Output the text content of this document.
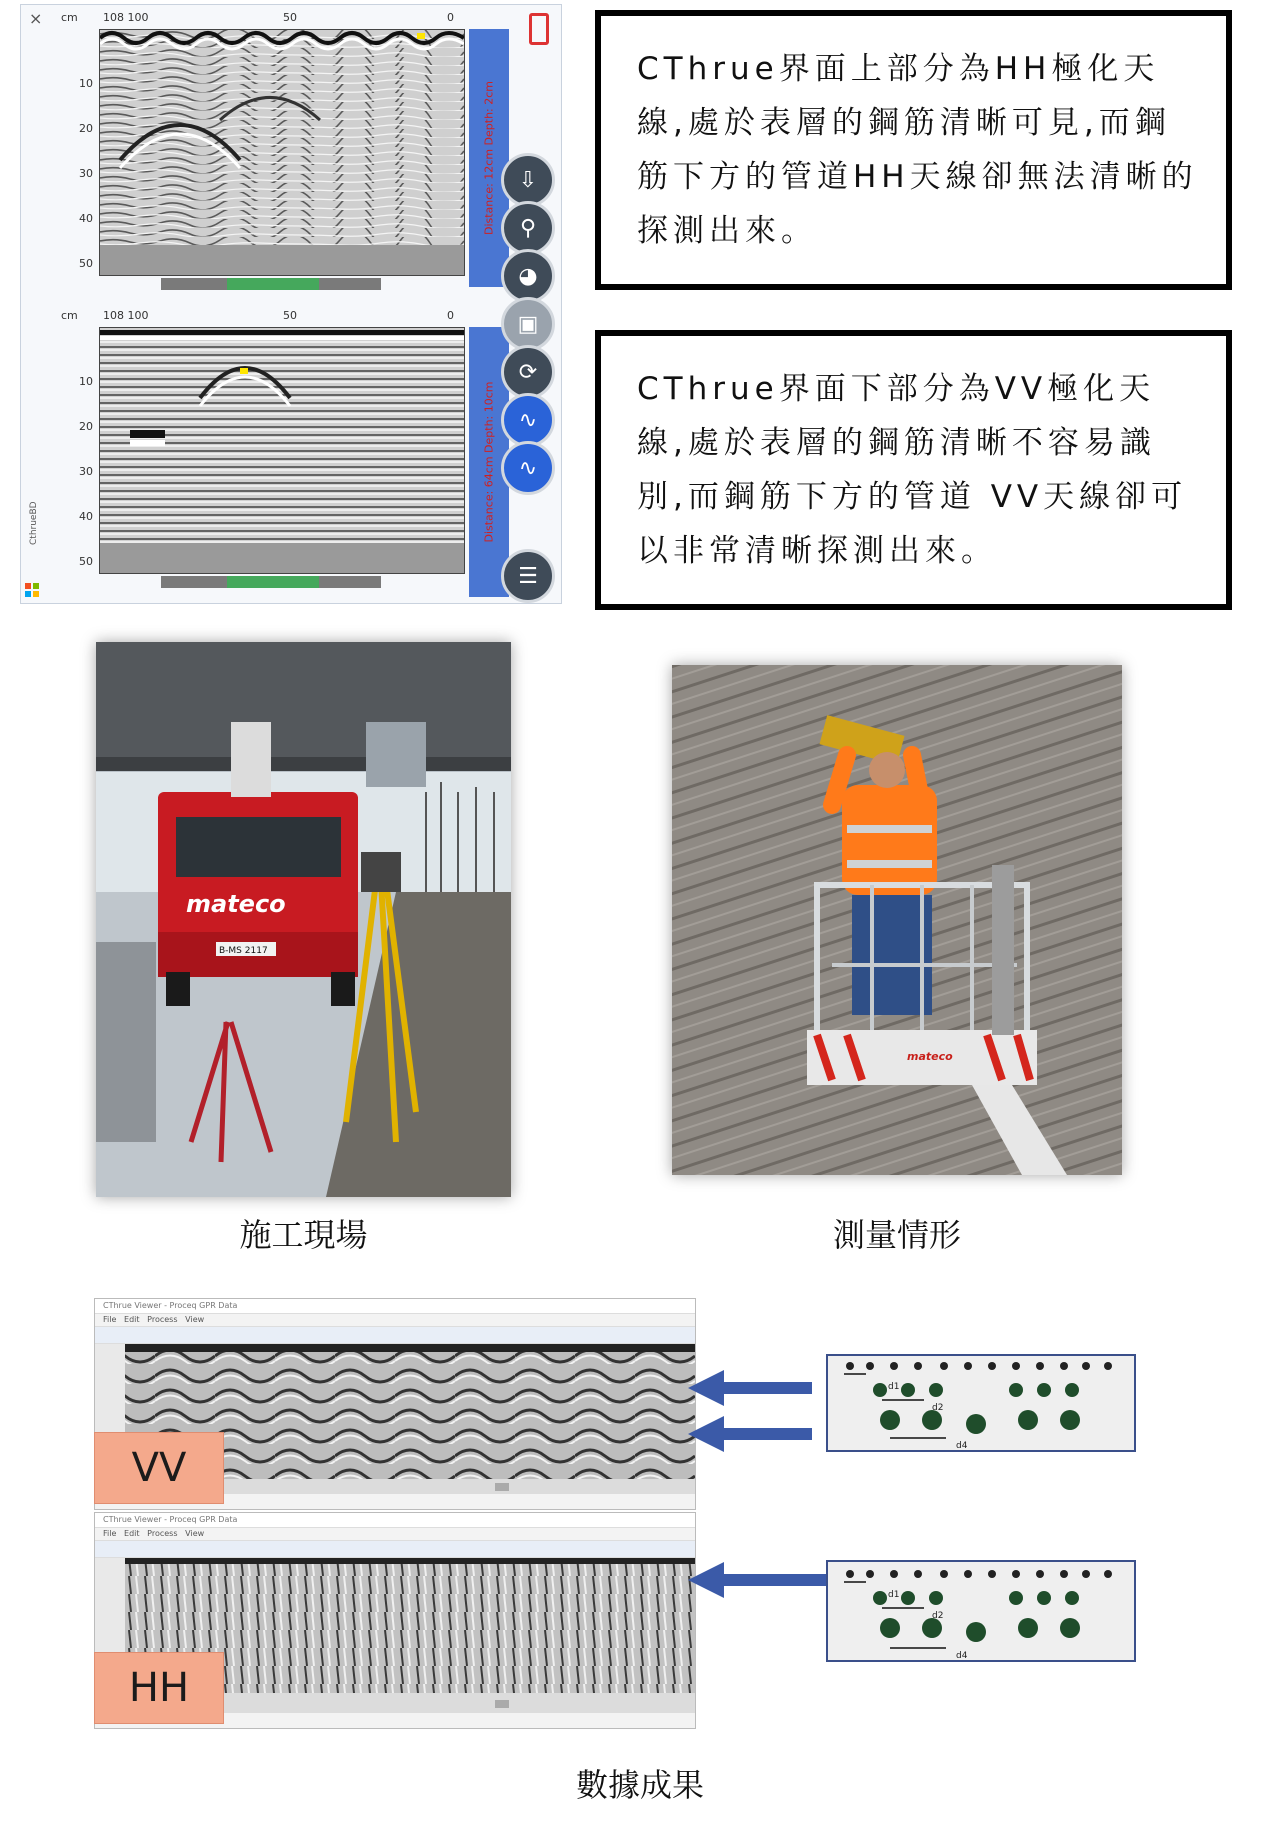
× cm 108 100	50	0
10
20
30
40
50
Distance: 12cm Depth: 2cm
cm 108 100	50	0
10
20
30
40
50
Distance: 64cm Depth: 10cm
⇩
⚲
◕
▣
⟳
∿
∿
☰
CthrueBD
CThrue界面上部分為HH極化天線,處於表層的鋼筋清晰可見,而鋼筋下方的管道HH天線卻無法清晰的探測出來。
CThrue界面下部分為VV極化天線,處於表層的鋼筋清晰不容易識別,而鋼筋下方的管道 VV天線卻可以非常清晰探測出來。
mateco
B-MS 2117
施工現場
mateco
測量情形
CThrue Viewer - Proceq GPR Data
File Edit Process View
VV
CThrue Viewer - Proceq GPR Data
File Edit Process View
HH
d1
d2
d4
d1
d2
d4
數據成果
